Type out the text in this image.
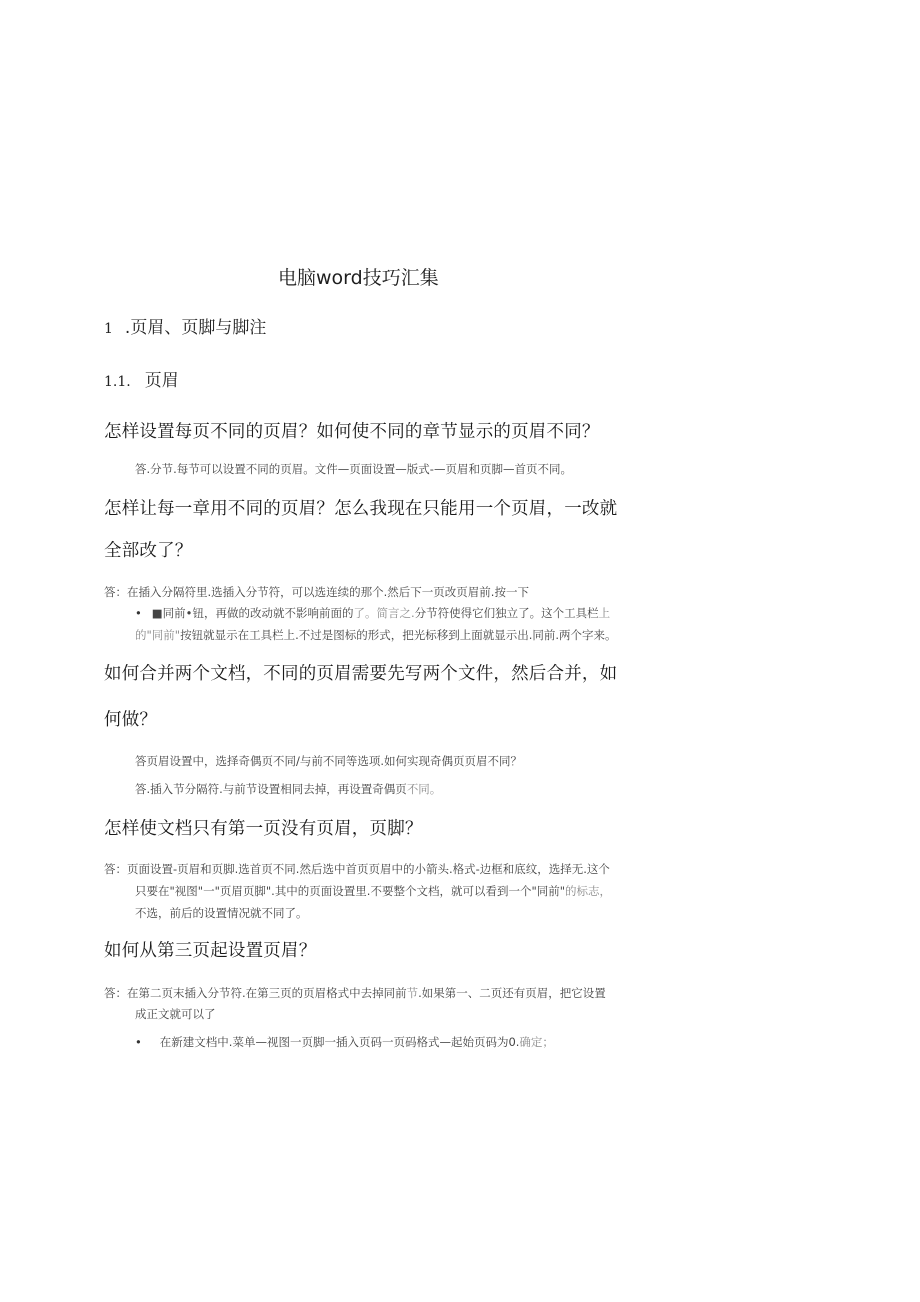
电脑word技巧汇集
1 .页眉、页脚与脚注
1.1. 页眉
怎样设置每页不同的页眉？如何使不同的章节显示的页眉不同？
答.分节.每节可以设置不同的页眉。文件—页面设置—版式-—页眉和页脚—首页不同。
怎样让每一章用不同的页眉？怎么我现在只能用一个页眉，一改就
全部改了？
答：在插入分隔符里.选插入分节符，可以选连续的那个.然后下一页改页眉前.按一下
• ■同前•钮，再做的改动就不影响前面的了。简言之.分节符使得它们独立了。这个工具栏上
的"同前"按钮就显示在工具栏上.不过是图标的形式，把光标移到上面就显示出.同前.两个字来。
如何合并两个文档，不同的页眉需要先写两个文件，然后合并，如
何做？
答页眉设置中，选择奇偶页不同/与前不同等选项.如何实现奇偶页页眉不同？
答.插入节分隔符.与前节设置相同去掉，再设置奇偶页不同。
怎样使文档只有第一页没有页眉，页脚？
答：页面设置-页眉和页脚.选首页不同.然后选中首页页眉中的小箭头.格式-边框和底纹，选择无.这个
只要在"视图"一"页眉页脚".其中的页面设置里.不要整个文档，就可以看到一个"同前"的标志，
不选，前后的设置情况就不同了。
如何从第三页起设置页眉？
答：在第二页末插入分节符.在第三页的页眉格式中去掉同前节.如果第一、二页还有页眉，把它设置
成正文就可以了
• 在新建文档中.菜单—视图一页脚一插入页码一页码格式—起始页码为0.确定；
